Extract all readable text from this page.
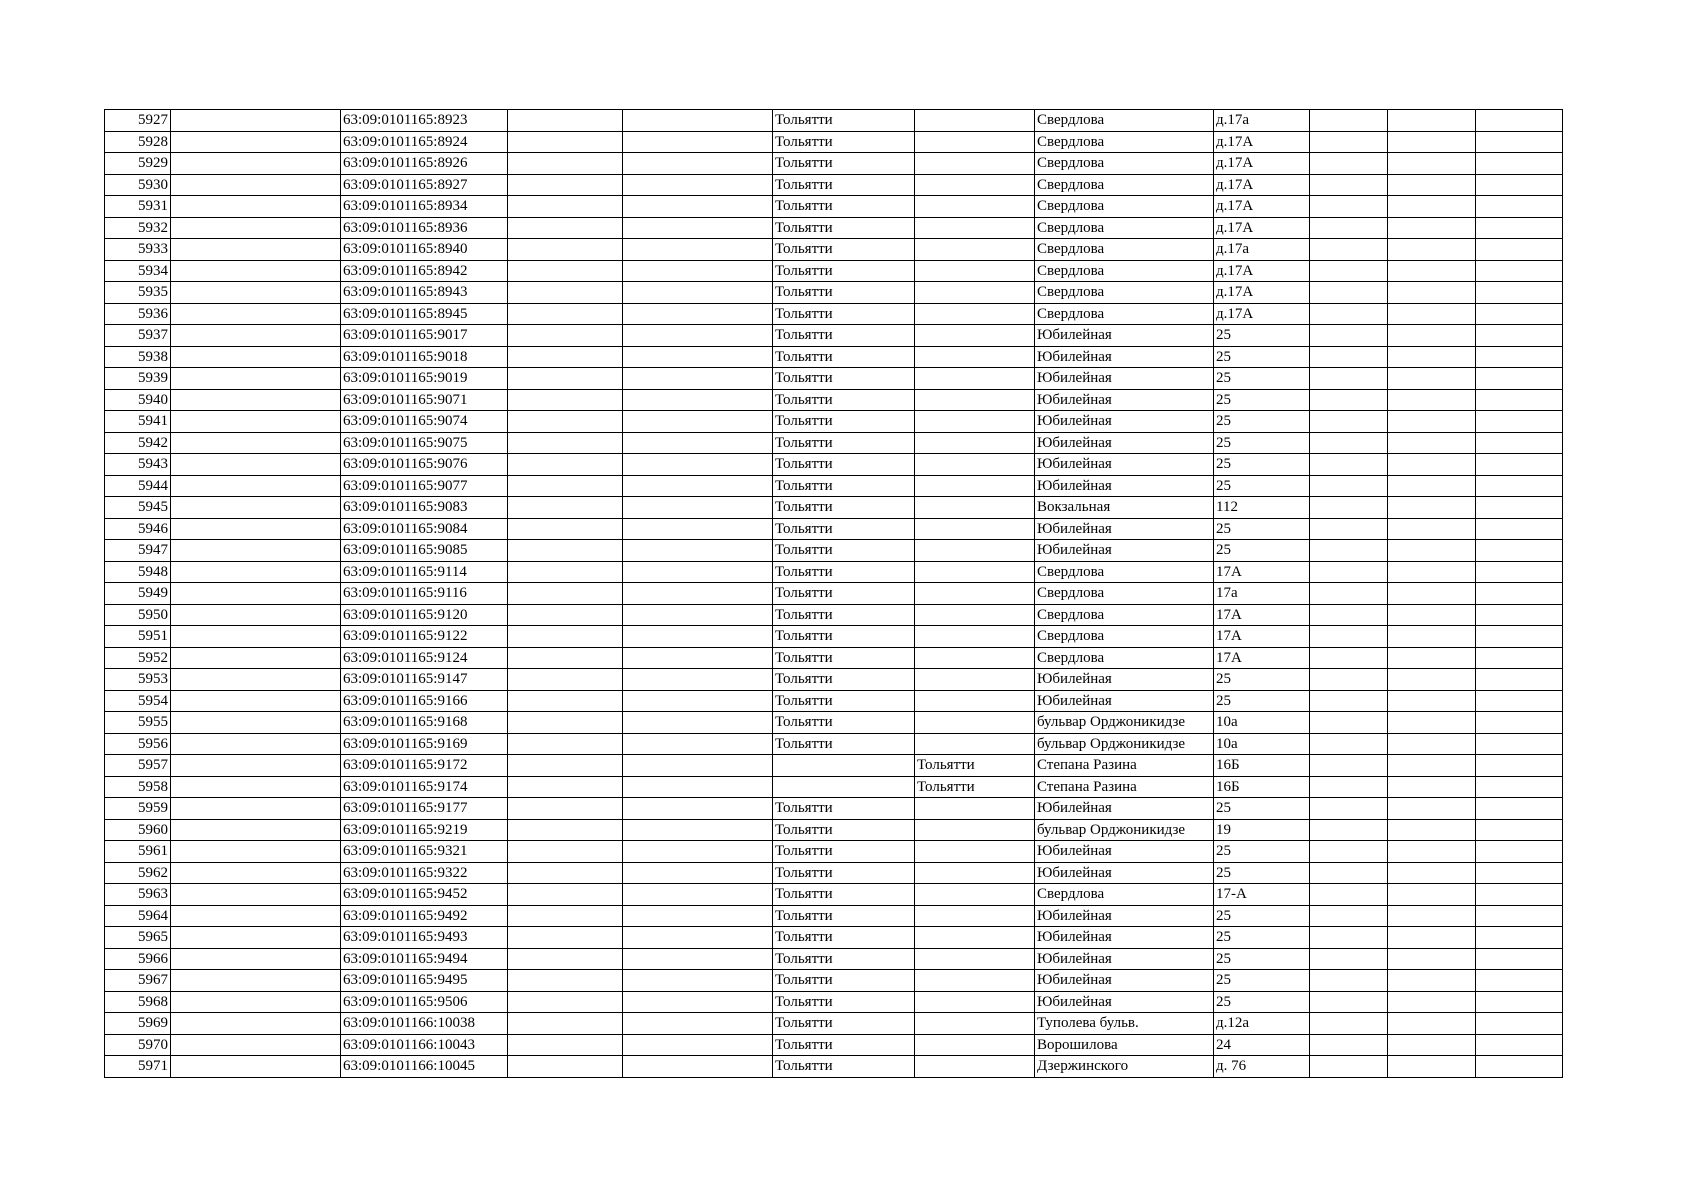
5927		63:09:0101165:8923			Тольятти		Свердлова	д.17а			
5928		63:09:0101165:8924			Тольятти		Свердлова	д.17А			
5929		63:09:0101165:8926			Тольятти		Свердлова	д.17А			
5930		63:09:0101165:8927			Тольятти		Свердлова	д.17А			
5931		63:09:0101165:8934			Тольятти		Свердлова	д.17А			
5932		63:09:0101165:8936			Тольятти		Свердлова	д.17А			
5933		63:09:0101165:8940			Тольятти		Свердлова	д.17а			
5934		63:09:0101165:8942			Тольятти		Свердлова	д.17А			
5935		63:09:0101165:8943			Тольятти		Свердлова	д.17А			
5936		63:09:0101165:8945			Тольятти		Свердлова	д.17А			
5937		63:09:0101165:9017			Тольятти		Юбилейная	25			
5938		63:09:0101165:9018			Тольятти		Юбилейная	25			
5939		63:09:0101165:9019			Тольятти		Юбилейная	25			
5940		63:09:0101165:9071			Тольятти		Юбилейная	25			
5941		63:09:0101165:9074			Тольятти		Юбилейная	25			
5942		63:09:0101165:9075			Тольятти		Юбилейная	25			
5943		63:09:0101165:9076			Тольятти		Юбилейная	25			
5944		63:09:0101165:9077			Тольятти		Юбилейная	25			
5945		63:09:0101165:9083			Тольятти		Вокзальная	112			
5946		63:09:0101165:9084			Тольятти		Юбилейная	25			
5947		63:09:0101165:9085			Тольятти		Юбилейная	25			
5948		63:09:0101165:9114			Тольятти		Свердлова	17А			
5949		63:09:0101165:9116			Тольятти		Свердлова	17а			
5950		63:09:0101165:9120			Тольятти		Свердлова	17А			
5951		63:09:0101165:9122			Тольятти		Свердлова	17А			
5952		63:09:0101165:9124			Тольятти		Свердлова	17А			
5953		63:09:0101165:9147			Тольятти		Юбилейная	25			
5954		63:09:0101165:9166			Тольятти		Юбилейная	25			
5955		63:09:0101165:9168			Тольятти		бульвар Орджоникидзе	10а			
5956		63:09:0101165:9169			Тольятти		бульвар Орджоникидзе	10а			
5957		63:09:0101165:9172				Тольятти	Степана Разина	16Б			
5958		63:09:0101165:9174				Тольятти	Степана Разина	16Б			
5959		63:09:0101165:9177			Тольятти		Юбилейная	25			
5960		63:09:0101165:9219			Тольятти		бульвар Орджоникидзе	19			
5961		63:09:0101165:9321			Тольятти		Юбилейная	25			
5962		63:09:0101165:9322			Тольятти		Юбилейная	25			
5963		63:09:0101165:9452			Тольятти		Свердлова	17-А			
5964		63:09:0101165:9492			Тольятти		Юбилейная	25			
5965		63:09:0101165:9493			Тольятти		Юбилейная	25			
5966		63:09:0101165:9494			Тольятти		Юбилейная	25			
5967		63:09:0101165:9495			Тольятти		Юбилейная	25			
5968		63:09:0101165:9506			Тольятти		Юбилейная	25			
5969		63:09:0101166:10038			Тольятти		Туполева бульв.	д.12а			
5970		63:09:0101166:10043			Тольятти		Ворошилова	24			
5971		63:09:0101166:10045			Тольятти		Дзержинского	д. 76			
